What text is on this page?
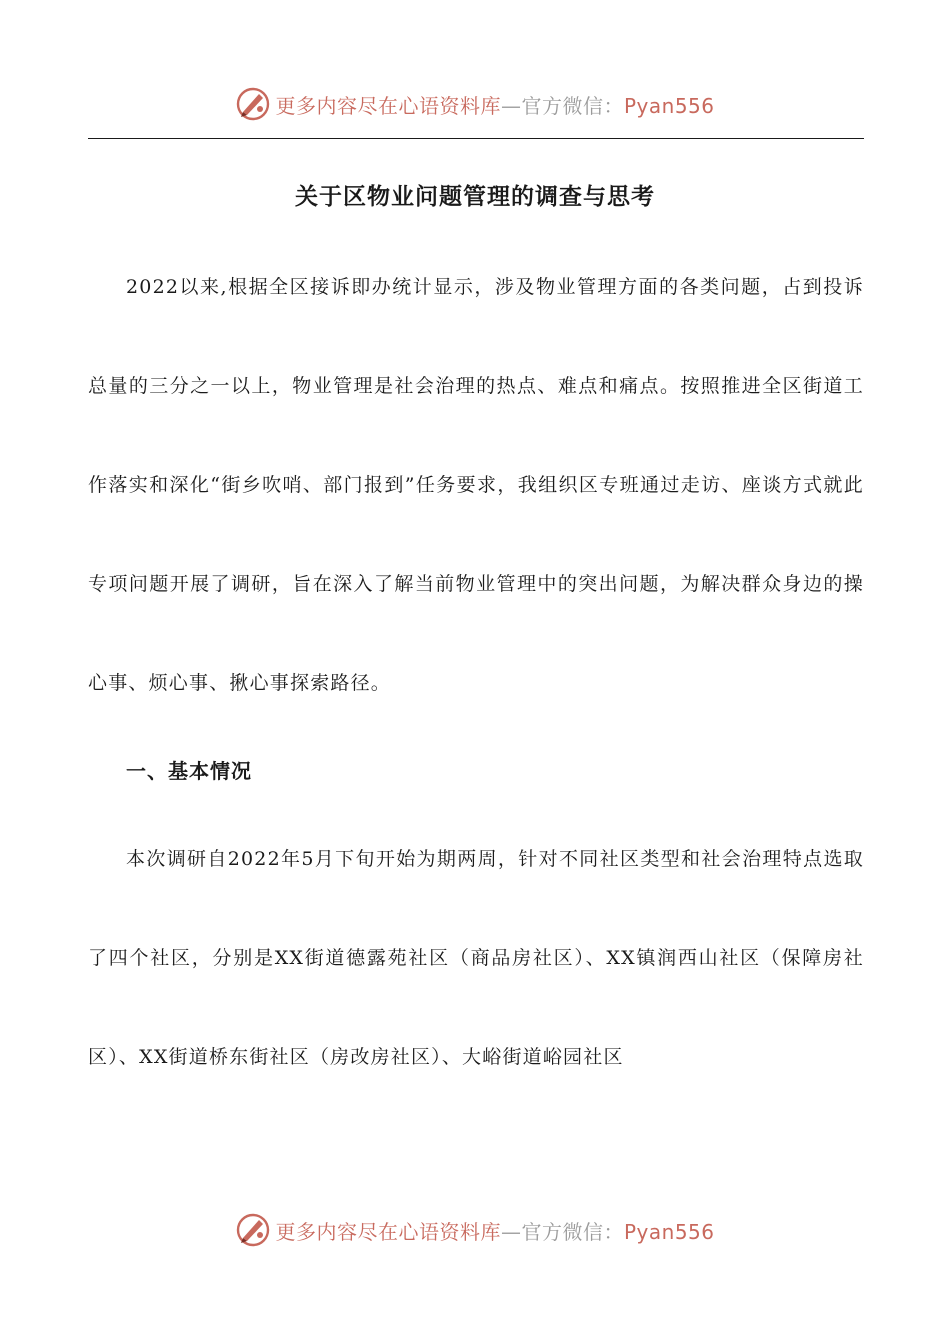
更多内容尽在心语资料库—官方微信：Pyan556
关于区物业问题管理的调查与思考

2022以来,根据全区接诉即办统计显示，涉及物业管理方面的各类问题，占到投诉总量的三分之一以上，物业管理是社会治理的热点、难点和痛点。按照推进全区街道工作落实和深化“街乡吹哨、部门报到”任务要求，我组织区专班通过走访、座谈方式就此专项问题开展了调研，旨在深入了解当前物业管理中的突出问题，为解决群众身边的操心事、烦心事、揪心事探索路径。

一、基本情况

本次调研自2022年5月下旬开始为期两周，针对不同社区类型和社会治理特点选取了四个社区，分别是XX街道德露苑社区（商品房社区）、XX镇润西山社区（保障房社区）、XX街道桥东街社区（房改房社区）、大峪街道峪园社区

更多内容尽在心语资料库—官方微信：Pyan556
